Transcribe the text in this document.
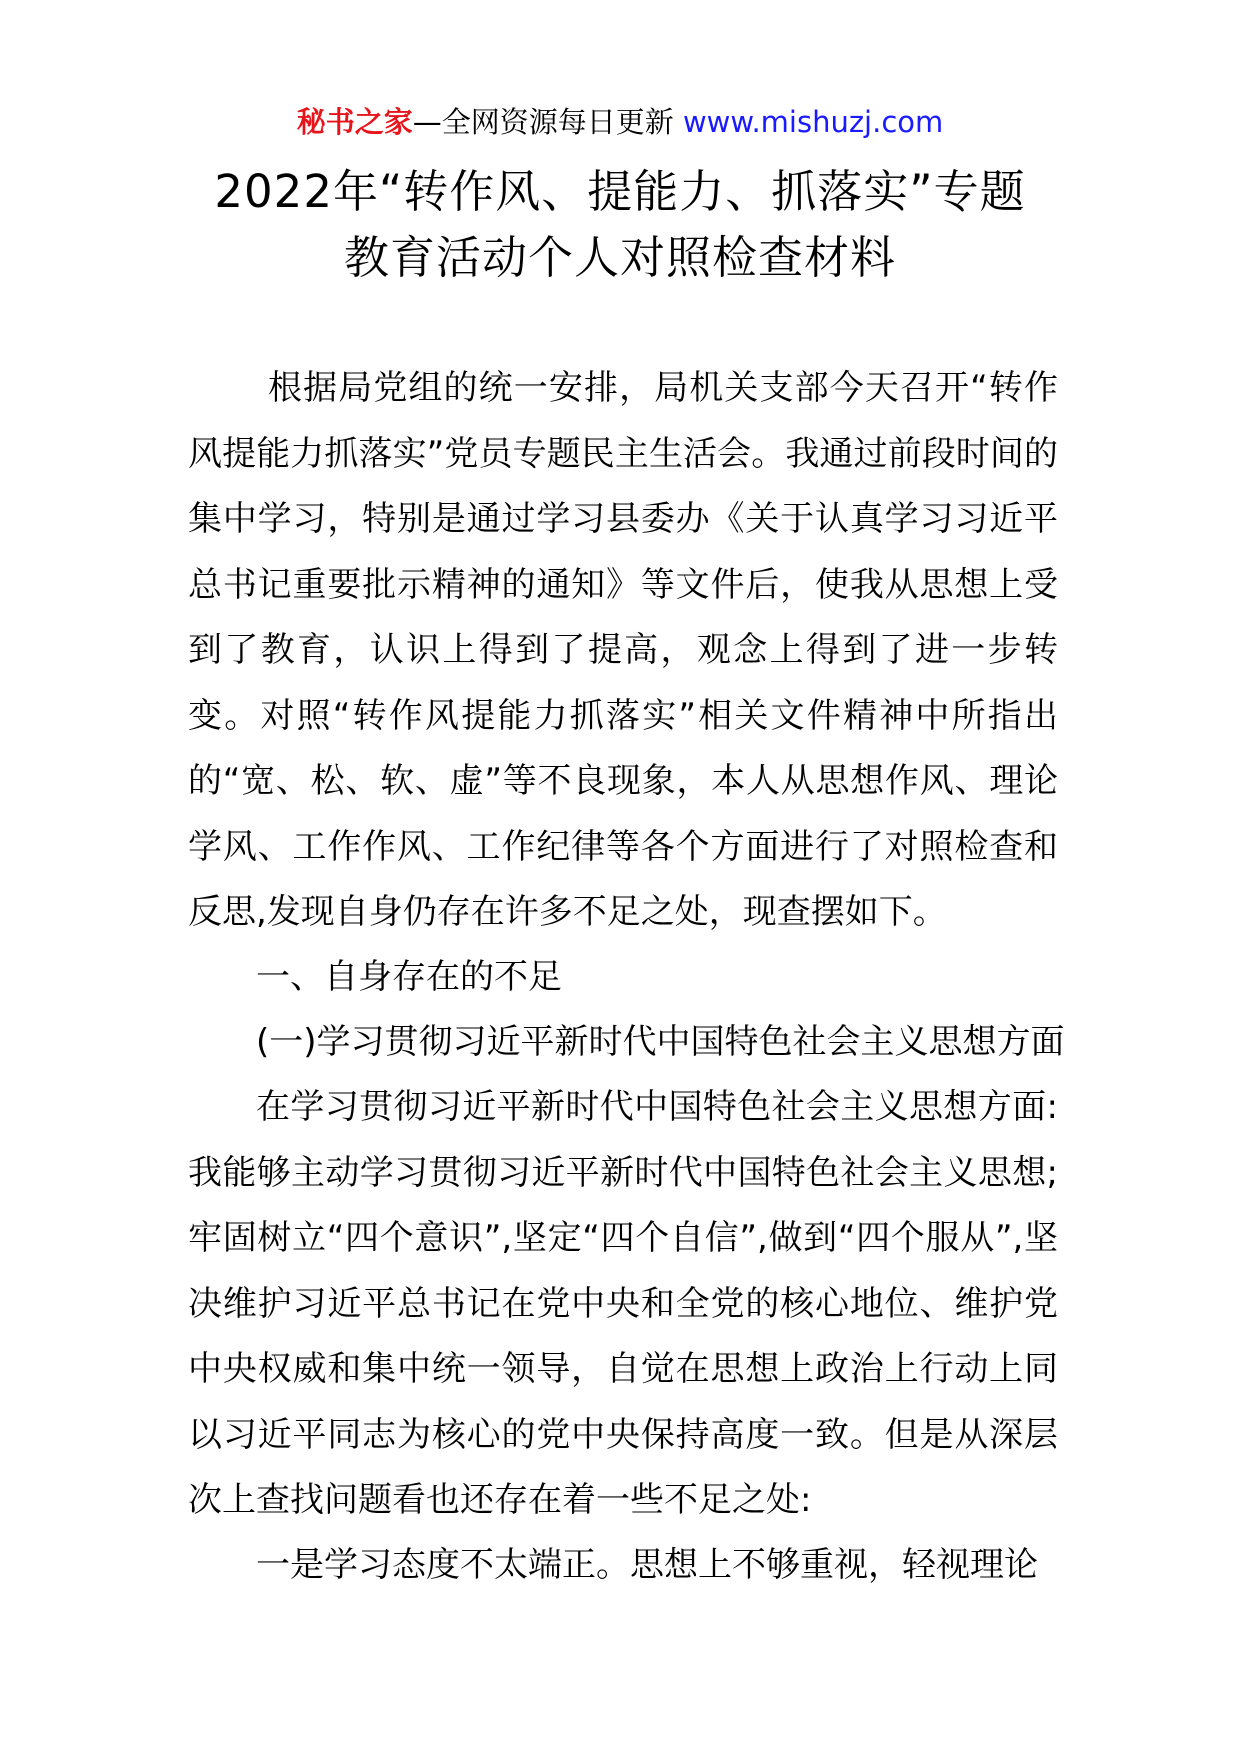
秘书之家—全网资源每日更新 www.mishuzj.com
2022年“转作风、提能力、抓落实”专题
教育活动个人对照检查材料

根据局党组的统一安排，局机关支部今天召开“转作风提能力抓落实”党员专题民主生活会。我通过前段时间的集中学习，特别是通过学习县委办《关于认真学习习近平总书记重要批示精神的通知》等文件后，使我从思想上受到了教育，认识上得到了提高，观念上得到了进一步转变。对照“转作风提能力抓落实”相关文件精神中所指出的“宽、松、软、虚”等不良现象，本人从思想作风、理论学风、工作作风、工作纪律等各个方面进行了对照检查和反思,发现自身仍存在许多不足之处，现查摆如下。

一、自身存在的不足
(一)学习贯彻习近平新时代中国特色社会主义思想方面

在学习贯彻习近平新时代中国特色社会主义思想方面:我能够主动学习贯彻习近平新时代中国特色社会主义思想;牢固树立“四个意识”,坚定“四个自信”,做到“四个服从”,坚决维护习近平总书记在党中央和全党的核心地位、维护党中央权威和集中统一领导，自觉在思想上政治上行动上同以习近平同志为核心的党中央保持高度一致。但是从深层次上查找问题看也还存在着一些不足之处:

一是学习态度不太端正。思想上不够重视，轻视理论
